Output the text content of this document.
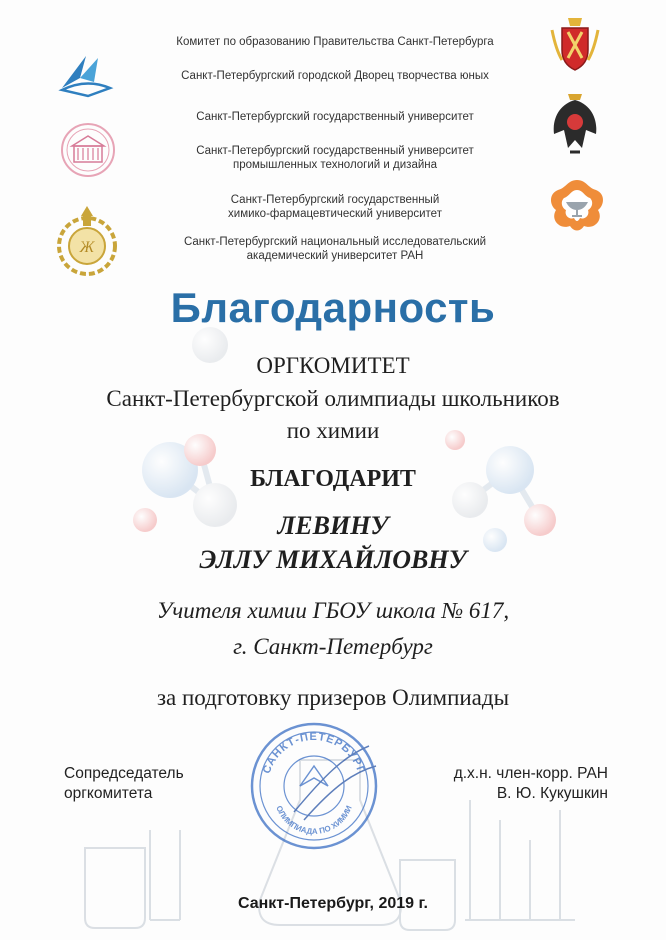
Ж
Комитет по образованию Правительства Санкт-Петербурга
Санкт-Петербургский городской Дворец творчества юных
Санкт-Петербургский государственный университет
Санкт-Петербургский государственный университет
промышленных технологий и дизайна
Санкт-Петербургский государственный
химико-фармацевтический университет
Санкт-Петербургский национальный исследовательский
академический университет РАН
Благодарность
ОРГКОМИТЕТ
Санкт-Петербургской олимпиады школьников
по химии
БЛАГОДАРИТ
ЛЕВИНУ
ЭЛЛУ МИХАЙЛОВНУ
Учителя химии ГБОУ школа № 617,
г. Санкт-Петербург
за подготовку призеров Олимпиады
САНКТ-ПЕТЕРБУРГ
ОЛИМПИАДА ПО ХИМИИ
Сопредседатель
оргкомитета
д.х.н. член-корр. РАН
В. Ю. Кукушкин
Санкт-Петербург, 2019 г.
